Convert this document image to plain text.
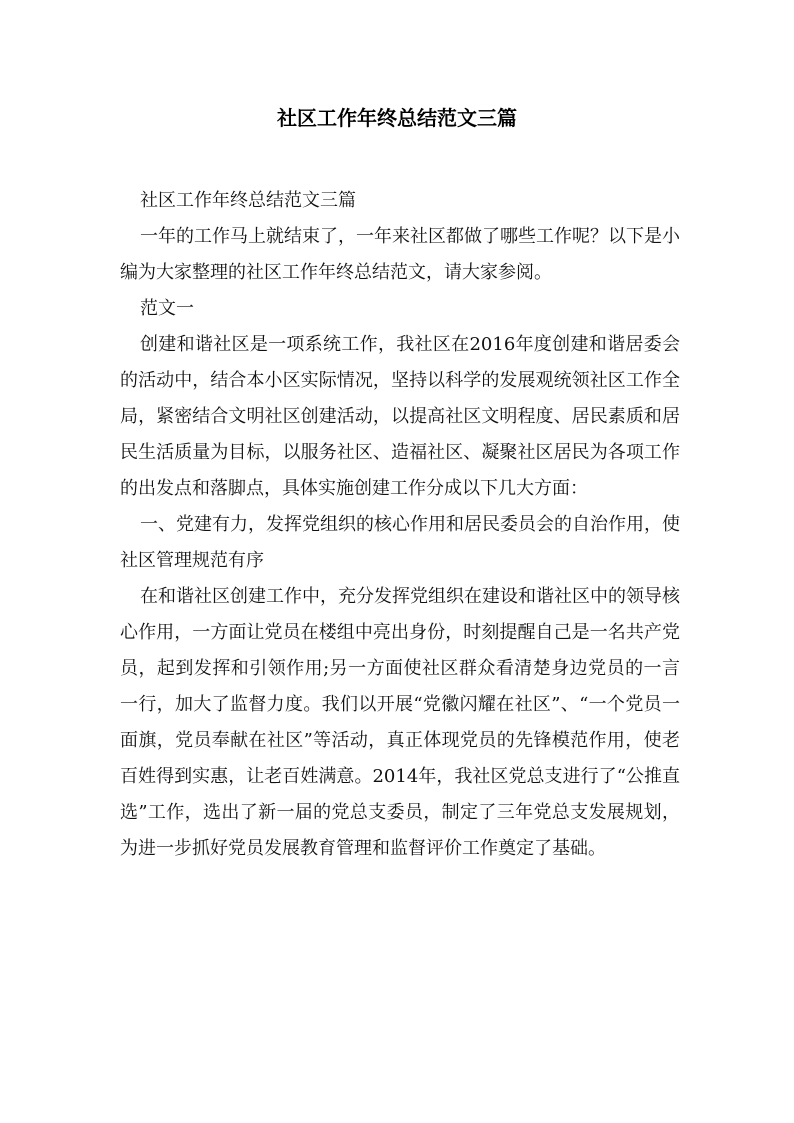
社区工作年终总结范文三篇

社区工作年终总结范文三篇

一年的工作马上就结束了，一年来社区都做了哪些工作呢？以下是小编为大家整理的社区工作年终总结范文，请大家参阅。

范文一

创建和谐社区是一项系统工作，我社区在2016年度创建和谐居委会的活动中，结合本小区实际情况，坚持以科学的发展观统领社区工作全局，紧密结合文明社区创建活动，以提高社区文明程度、居民素质和居民生活质量为目标，以服务社区、造福社区、凝聚社区居民为各项工作的出发点和落脚点，具体实施创建工作分成以下几大方面：

一、党建有力，发挥党组织的核心作用和居民委员会的自治作用，使社区管理规范有序

在和谐社区创建工作中，充分发挥党组织在建设和谐社区中的领导核心作用，一方面让党员在楼组中亮出身份，时刻提醒自己是一名共产党员，起到发挥和引领作用;另一方面使社区群众看清楚身边党员的一言一行，加大了监督力度。我们以开展“党徽闪耀在社区”、“一个党员一面旗，党员奉献在社区”等活动，真正体现党员的先锋模范作用，使老百姓得到实惠，让老百姓满意。2014年，我社区党总支进行了“公推直选”工作，选出了新一届的党总支委员，制定了三年党总支发展规划，为进一步抓好党员发展教育管理和监督评价工作奠定了基础。
